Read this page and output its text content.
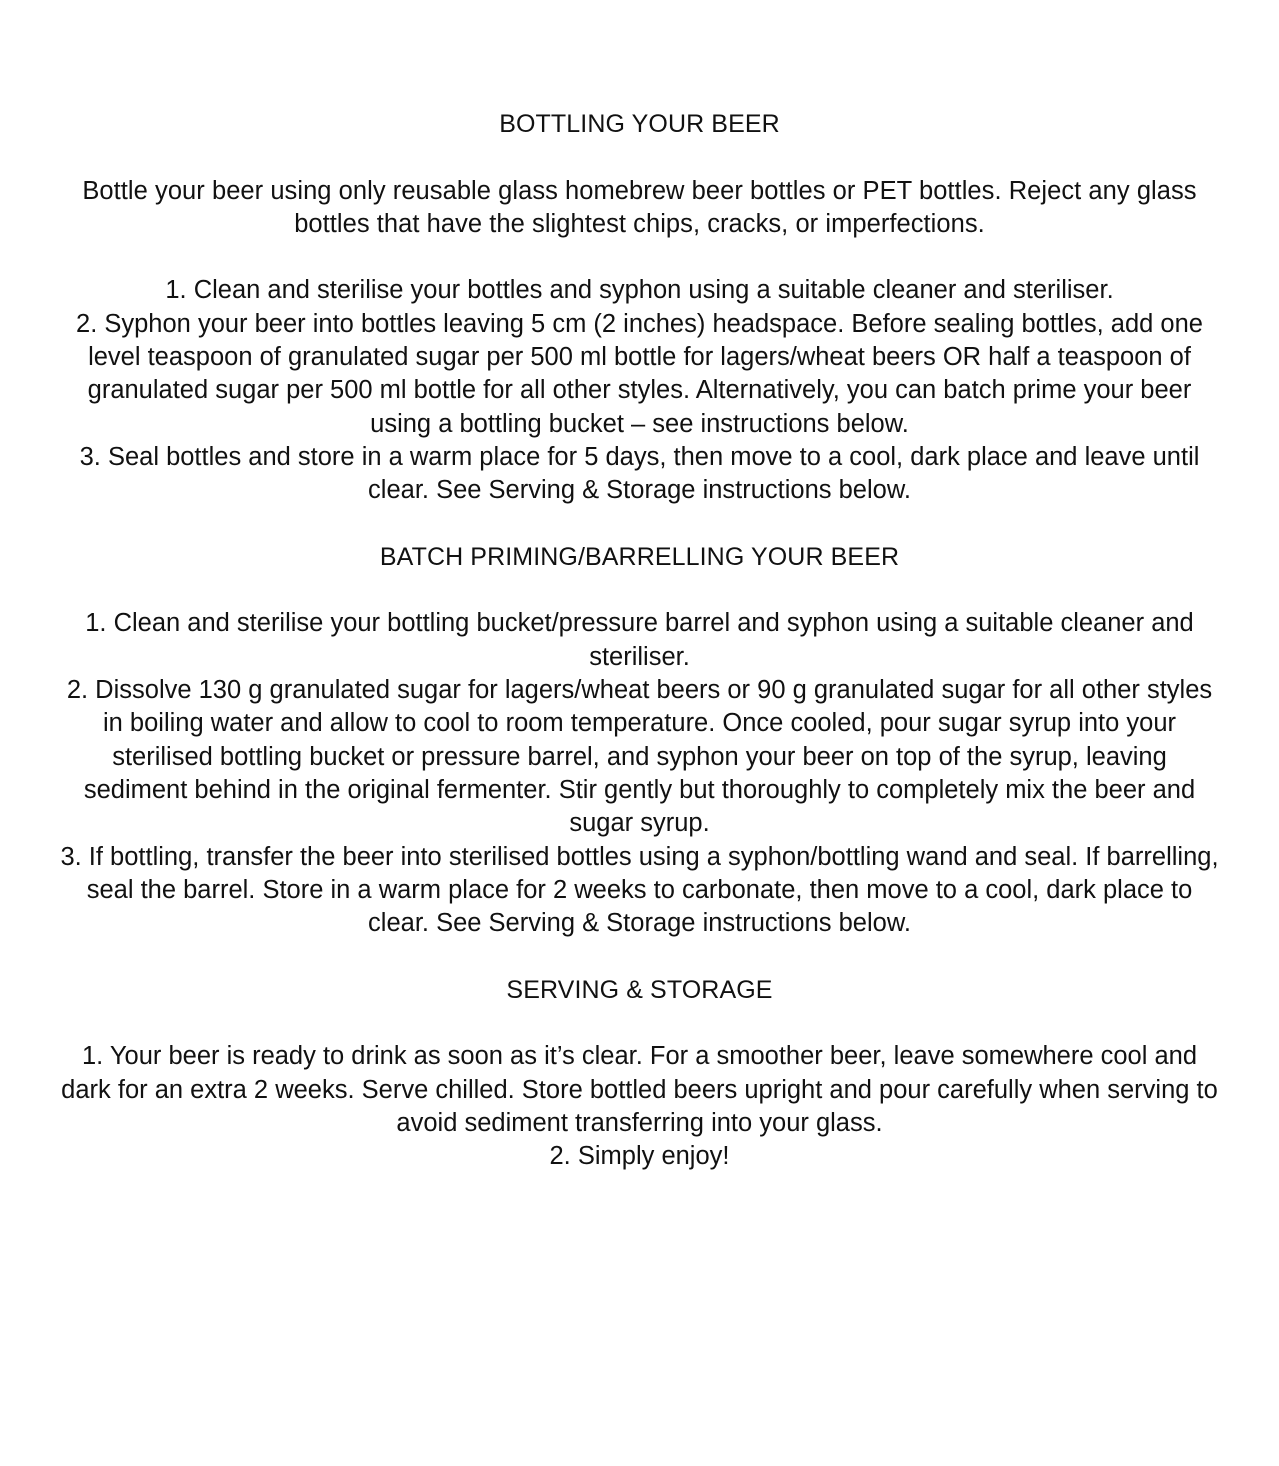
BOTTLING YOUR BEER

Bottle your beer using only reusable glass homebrew beer bottles or PET bottles. Reject any glass bottles that have the slightest chips, cracks, or imperfections.

1. Clean and sterilise your bottles and syphon using a suitable cleaner and steriliser.

2. Syphon your beer into bottles leaving 5 cm (2 inches) headspace. Before sealing bottles, add one level teaspoon of granulated sugar per 500 ml bottle for lagers/wheat beers OR half a teaspoon of granulated sugar per 500 ml bottle for all other styles. Alternatively, you can batch prime your beer using a bottling bucket – see instructions below.

3. Seal bottles and store in a warm place for 5 days, then move to a cool, dark place and leave until clear. See Serving & Storage instructions below.

BATCH PRIMING/BARRELLING YOUR BEER

1. Clean and sterilise your bottling bucket/pressure barrel and syphon using a suitable cleaner and steriliser.

2. Dissolve 130 g granulated sugar for lagers/wheat beers or 90 g granulated sugar for all other styles in boiling water and allow to cool to room temperature. Once cooled, pour sugar syrup into your sterilised bottling bucket or pressure barrel, and syphon your beer on top of the syrup, leaving sediment behind in the original fermenter. Stir gently but thoroughly to completely mix the beer and sugar syrup.

3. If bottling, transfer the beer into sterilised bottles using a syphon/bottling wand and seal. If barrelling, seal the barrel. Store in a warm place for 2 weeks to carbonate, then move to a cool, dark place to clear. See Serving & Storage instructions below.

SERVING & STORAGE

1. Your beer is ready to drink as soon as it’s clear. For a smoother beer, leave somewhere cool and dark for an extra 2 weeks. Serve chilled. Store bottled beers upright and pour carefully when serving to avoid sediment transferring into your glass.

2. Simply enjoy!
